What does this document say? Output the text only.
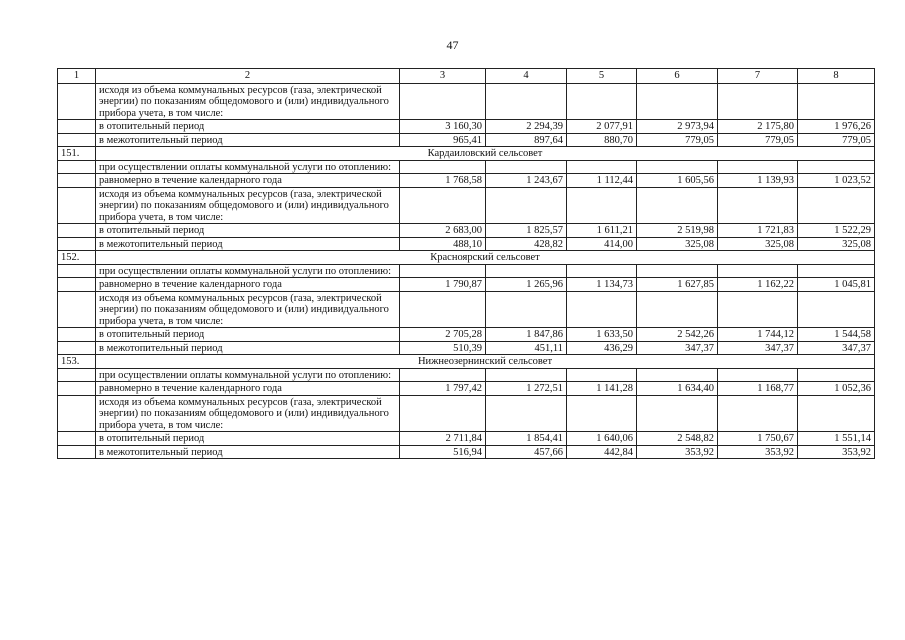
47
1	2	3	4	5	6	7	8
	исходя из объема коммунальных ресурсов (газа, электрической энергии) по показаниям общедомового и (или) индивидуального прибора учета, в том числе:						
	в отопительный период	3 160,30	2 294,39	2 077,91	2 973,94	2 175,80	1 976,26
	в межотопительный период	965,41	897,64	880,70	779,05	779,05	779,05
151.	Кардаиловский сельсовет						
	при осуществлении оплаты коммунальной услуги по отоплению:						
	равномерно в течение календарного года	1 768,58	1 243,67	1 112,44	1 605,56	1 139,93	1 023,52
	исходя из объема коммунальных ресурсов (газа, электрической энергии) по показаниям общедомового и (или) индивидуального прибора учета, в том числе:						
	в отопительный период	2 683,00	1 825,57	1 611,21	2 519,98	1 721,83	1 522,29
	в межотопительный период	488,10	428,82	414,00	325,08	325,08	325,08
152.	Красноярский сельсовет						
	при осуществлении оплаты коммунальной услуги по отоплению:						
	равномерно в течение календарного года	1 790,87	1 265,96	1 134,73	1 627,85	1 162,22	1 045,81
	исходя из объема коммунальных ресурсов (газа, электрической энергии) по показаниям общедомового и (или) индивидуального прибора учета, в том числе:						
	в отопительный период	2 705,28	1 847,86	1 633,50	2 542,26	1 744,12	1 544,58
	в межотопительный период	510,39	451,11	436,29	347,37	347,37	347,37
153.	Нижнеозернинский сельсовет						
	при осуществлении оплаты коммунальной услуги по отоплению:						
	равномерно в течение календарного года	1 797,42	1 272,51	1 141,28	1 634,40	1 168,77	1 052,36
	исходя из объема коммунальных ресурсов (газа, электрической энергии) по показаниям общедомового и (или) индивидуального прибора учета, в том числе:						
	в отопительный период	2 711,84	1 854,41	1 640,06	2 548,82	1 750,67	1 551,14
	в межотопительный период	516,94	457,66	442,84	353,92	353,92	353,92
